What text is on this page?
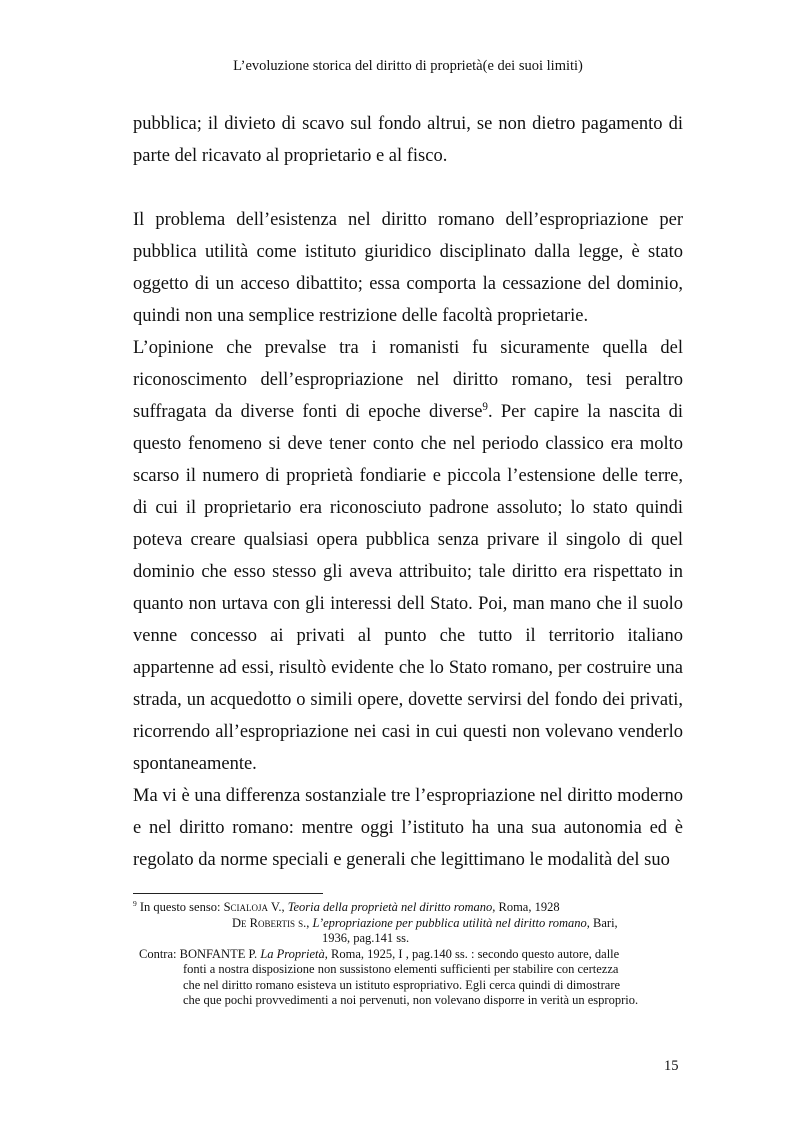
L’evoluzione storica del diritto di proprietà(e dei suoi limiti)

pubblica; il divieto di scavo sul fondo altrui, se non dietro pagamento di parte del ricavato al proprietario e al fisco.

Il problema dell’esistenza nel diritto romano dell’espropriazione per pubblica utilità come istituto giuridico disciplinato dalla legge, è stato oggetto di un acceso dibattito; essa comporta la cessazione del dominio, quindi non una semplice restrizione delle facoltà proprietarie.

L’opinione che prevalse tra i romanisti fu sicuramente quella del riconoscimento dell’espropriazione nel diritto romano, tesi peraltro suffragata da diverse fonti di epoche diverse$^9$. Per capire la nascita di questo fenomeno si deve tener conto che nel periodo classico era molto scarso il numero di proprietà fondiarie e piccola l’estensione delle terre, di cui il proprietario era riconosciuto padrone assoluto; lo stato quindi poteva creare qualsiasi opera pubblica senza privare il singolo di quel dominio che esso stesso gli aveva attribuito; tale diritto era rispettato in quanto non urtava con gli interessi dell Stato. Poi, man mano che il suolo venne concesso ai privati al punto che tutto il territorio italiano appartenne ad essi, risultò evidente che lo Stato romano, per costruire una strada, un acquedotto o simili opere, dovette servirsi del fondo dei privati, ricorrendo all’espropriazione nei casi in cui questi non volevano venderlo spontaneamente.

Ma vi è una differenza sostanziale tre l’espropriazione nel diritto moderno e nel diritto romano: mentre oggi l’istituto ha una sua autonomia ed è regolato da norme speciali e generali che legittimano le modalità del suo

$^9$ In questo senso: Scialoja V., Teoria della proprietà nel diritto romano, Roma, 1928
De Robertis s., L’epropriazione per pubblica utilità nel diritto romano, Bari,
1936, pag.141 ss.
Contra: BONFANTE P. La Proprietà, Roma, 1925, I , pag.140 ss. : secondo questo autore, dalle
fonti a nostra disposizione non sussistono elementi sufficienti per stabilire con certezza
che nel diritto romano esisteva un istituto espropriativo. Egli cerca quindi di dimostrare
che que pochi provvedimenti a noi pervenuti, non volevano disporre in verità un esproprio.
15
